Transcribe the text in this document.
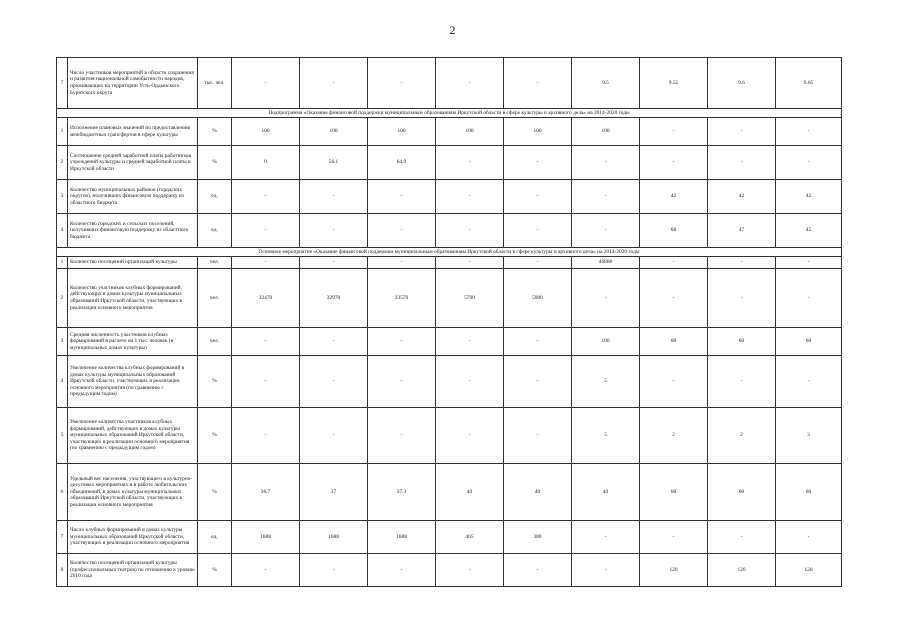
2
7	Число участников мероприятий в области сохранения и развития национальной самобытности народов, проживающих на территории Усть-Ордынского Бурятского округа	тыс. чел.	-	-	-	-	-	9.5	9.55	9.6	9.65
Подпрограмма «Оказание финансовой поддержки муниципальным образованиям Иркутской области в сфере культуры и архивного дела» на 2014-2020 годы											
1	Исполнение плановых значений по предоставлению межбюджетных трансфертов в сфере культуры	%	100	100	100	100	100	100	-	-	-
2	Соотношение средней заработной платы работников учреждений культуры и средней заработной платы в Иркутской области	%	0	56.1	64.9	-	-	-	-	-	-
3	Количество муниципальных районов (городских округов), получивших финансовую поддержку из областного бюджета	ед.	-	-	-	-	-	-	42	42	42
4	Количество городских и сельских поселений, получивших финансовую поддержку из областного бюджета	ед.	-	-	-	-	-	-	68	47	45
Основное мероприятие «Оказание финансовой поддержки муниципальным образованиям Иркутской области в сфере культуры и архивного дела» на 2014-2020 годы											
1	Количество посещений организаций культуры	чел.	-	-	-	-	-	46888	-	-	-
2	Количество участников клубных формирований, действующих в домах культуры муниципальных образований Иркутской области, участвующих в реализации основного мероприятия	чел.	32470	32970	33570	5700	5900	-	-	-	-
3	Средняя численность участников клубных формирований в расчете на 1 тыс. человек (в муниципальных домах культуры)	чел.	-	-	-	-	-	100	60	60	60
4	Увеличение количества клубных формирований в домах культуры муниципальных образований Иркутской области, участвующих в реализации основного мероприятия (по сравнению с предыдущим годом)	%	-	-	-	-	-	5	-	-	-
5	Увеличение количества участников клубных формирований, действующих в домах культуры муниципальных образований Иркутской области, участвующих в реализации основного мероприятия (по сравнению с предыдущим годом)	%	-	-	-	-	-	5	2	2	3
6	Удельный вес населения, участвующего в культурно-досуговых мероприятиях и в работе любительских объединений, в домах культуры муниципальных образований Иркутской области, участвующих в реализации основного мероприятия	%	36.7	37	37.3	40	40	40	60	60	60
7	Число клубных формирований в домах культуры муниципальных образований Иркутской области, участвующих в реализации основного мероприятия	ед.	1688	1688	1688	405	380	-	-	-	-
8	Количество посещений организаций культуры (профессиональных театров) по отношению к уровню 2010 года	%	-	-	-	-	-	-	120	120	120
